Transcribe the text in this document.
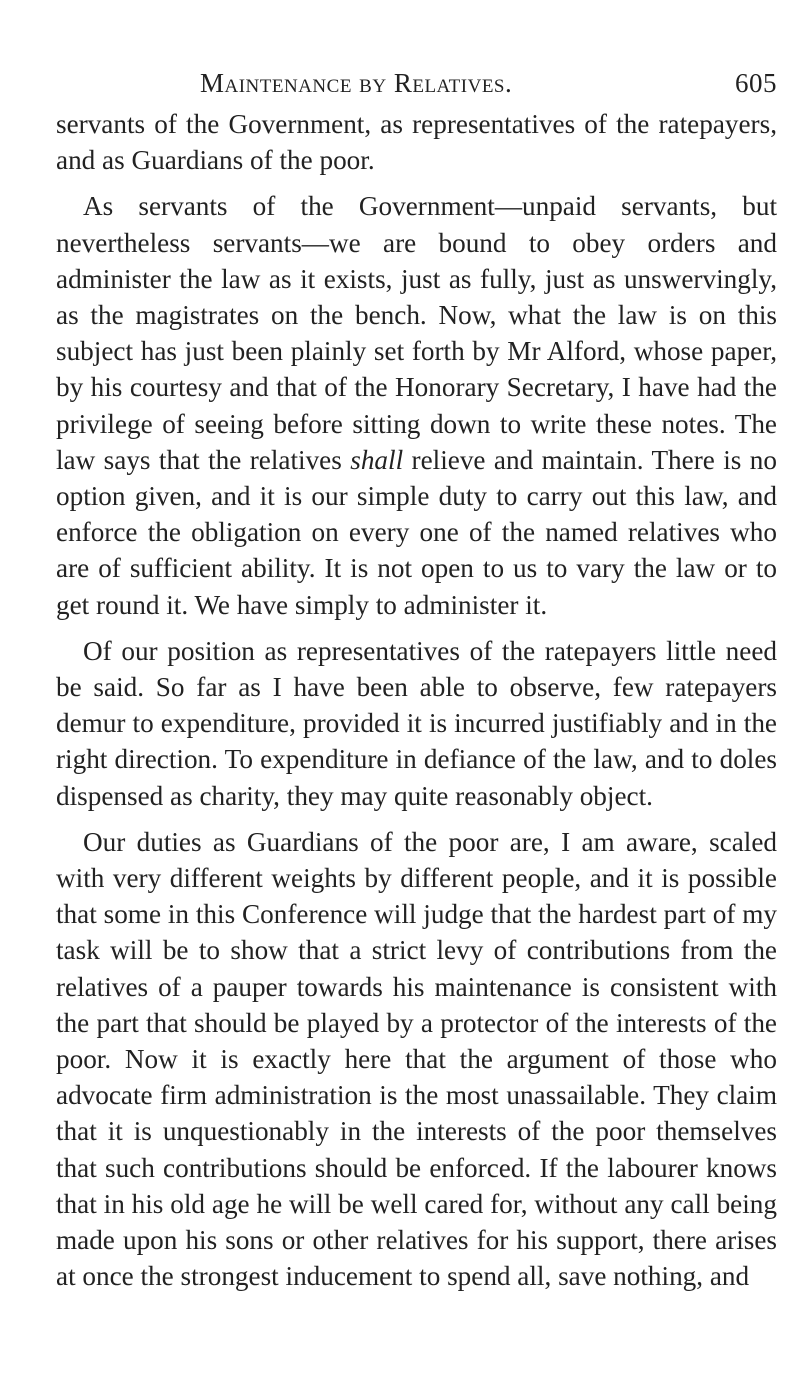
Maintenance by Relatives.	605

servants of the Government, as representatives of the ratepayers, and as Guardians of the poor.

As servants of the Government—unpaid servants, but nevertheless servants—we are bound to obey orders and administer the law as it exists, just as fully, just as unswervingly, as the magistrates on the bench. Now, what the law is on this subject has just been plainly set forth by Mr Alford, whose paper, by his courtesy and that of the Honorary Secretary, I have had the privilege of seeing before sitting down to write these notes. The law says that the relatives shall relieve and maintain. There is no option given, and it is our simple duty to carry out this law, and enforce the obligation on every one of the named relatives who are of sufficient ability. It is not open to us to vary the law or to get round it. We have simply to administer it.

Of our position as representatives of the ratepayers little need be said. So far as I have been able to observe, few ratepayers demur to expenditure, provided it is incurred justifiably and in the right direction. To expenditure in defiance of the law, and to doles dispensed as charity, they may quite reasonably object.

Our duties as Guardians of the poor are, I am aware, scaled with very different weights by different people, and it is possible that some in this Conference will judge that the hardest part of my task will be to show that a strict levy of contributions from the relatives of a pauper towards his maintenance is consistent with the part that should be played by a protector of the interests of the poor. Now it is exactly here that the argument of those who advocate firm administration is the most unassailable. They claim that it is unquestionably in the interests of the poor themselves that such contributions should be enforced. If the labourer knows that in his old age he will be well cared for, without any call being made upon his sons or other relatives for his support, there arises at once the strongest inducement to spend all, save nothing, and
